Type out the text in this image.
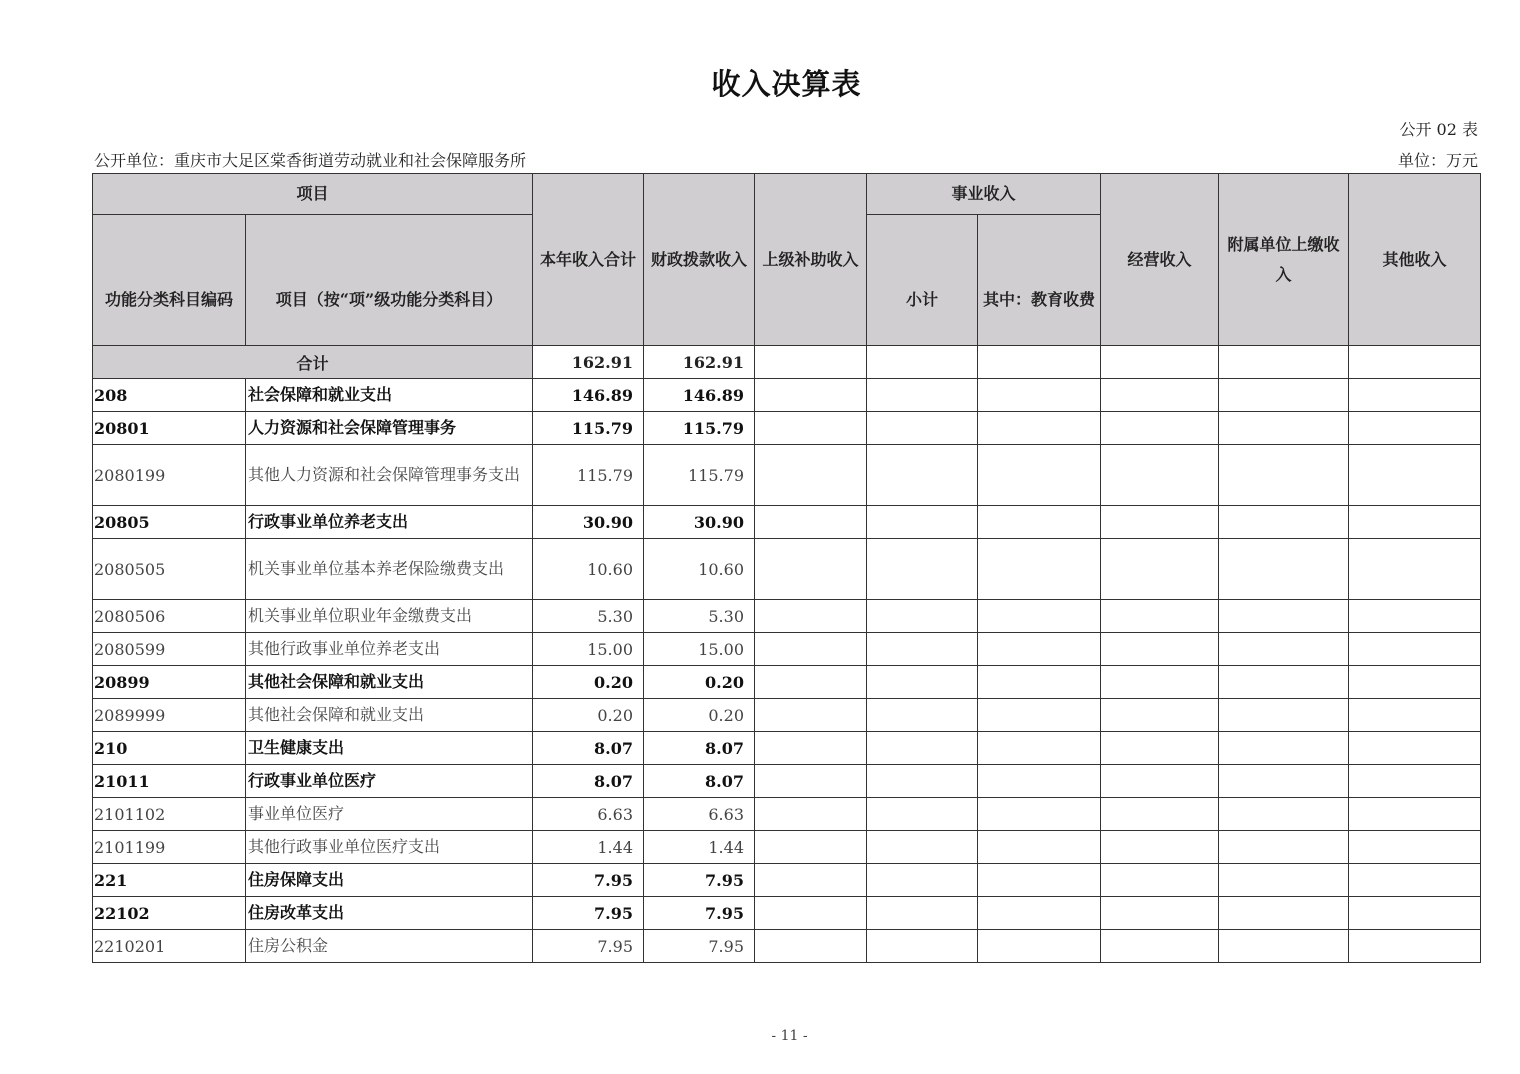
收入决算表
公开 02 表
公开单位：重庆市大足区棠香街道劳动就业和社会保障服务所	单位：万元
项目		本年收入合计	财政拨款收入	上级补助收入	事业收入		经营收入	附属单位上缴收入	其他收入
功能分类科目编码	项目（按“项”级功能分类科目）				小计	其中：教育收费			
合计		162.91	162.91						
208	社会保障和就业支出	146.89	146.89						
20801	人力资源和社会保障管理事务	115.79	115.79						
2080199	其他人力资源和社会保障管理事务支出	115.79	115.79						
20805	行政事业单位养老支出	30.90	30.90						
2080505	机关事业单位基本养老保险缴费支出	10.60	10.60						
2080506	机关事业单位职业年金缴费支出	5.30	5.30						
2080599	其他行政事业单位养老支出	15.00	15.00						
20899	其他社会保障和就业支出	0.20	0.20						
2089999	其他社会保障和就业支出	0.20	0.20						
210	卫生健康支出	8.07	8.07						
21011	行政事业单位医疗	8.07	8.07						
2101102	事业单位医疗	6.63	6.63						
2101199	其他行政事业单位医疗支出	1.44	1.44						
221	住房保障支出	7.95	7.95						
22102	住房改革支出	7.95	7.95						
2210201	住房公积金	7.95	7.95						
- 11 -
